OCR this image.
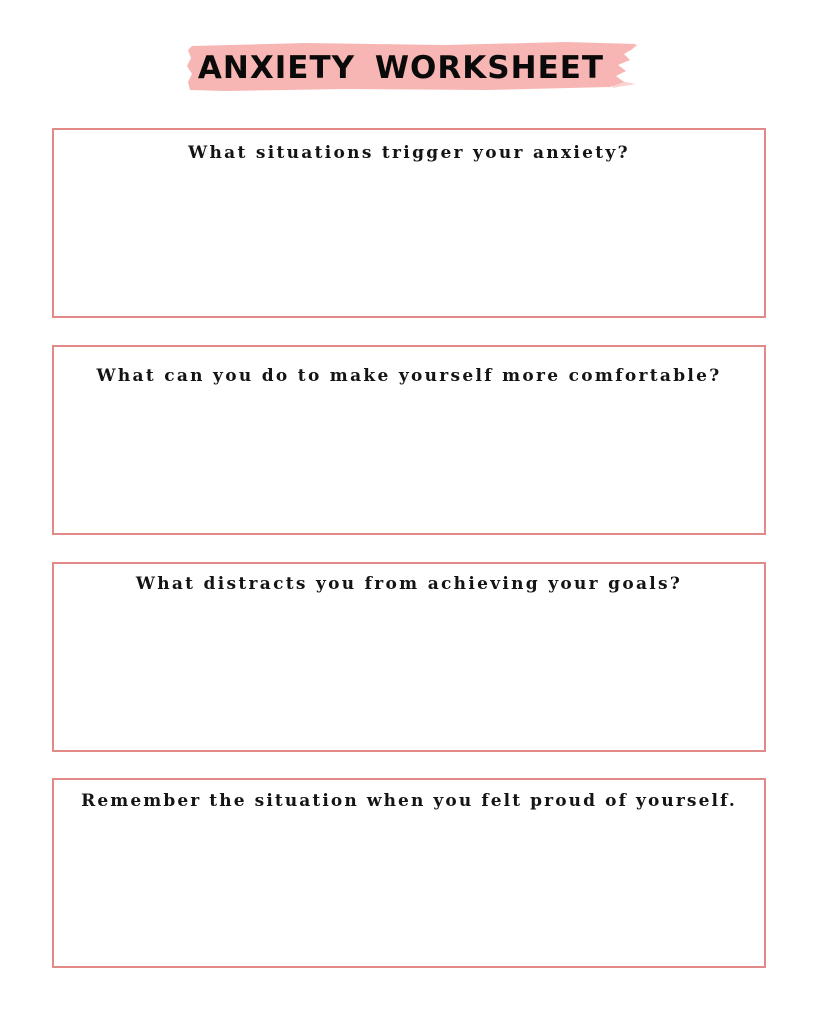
ANXIETY WORKSHEET

What situations trigger your anxiety?

What can you do to make yourself more comfortable?

What distracts you from achieving your goals?

Remember the situation when you felt proud of yourself.
